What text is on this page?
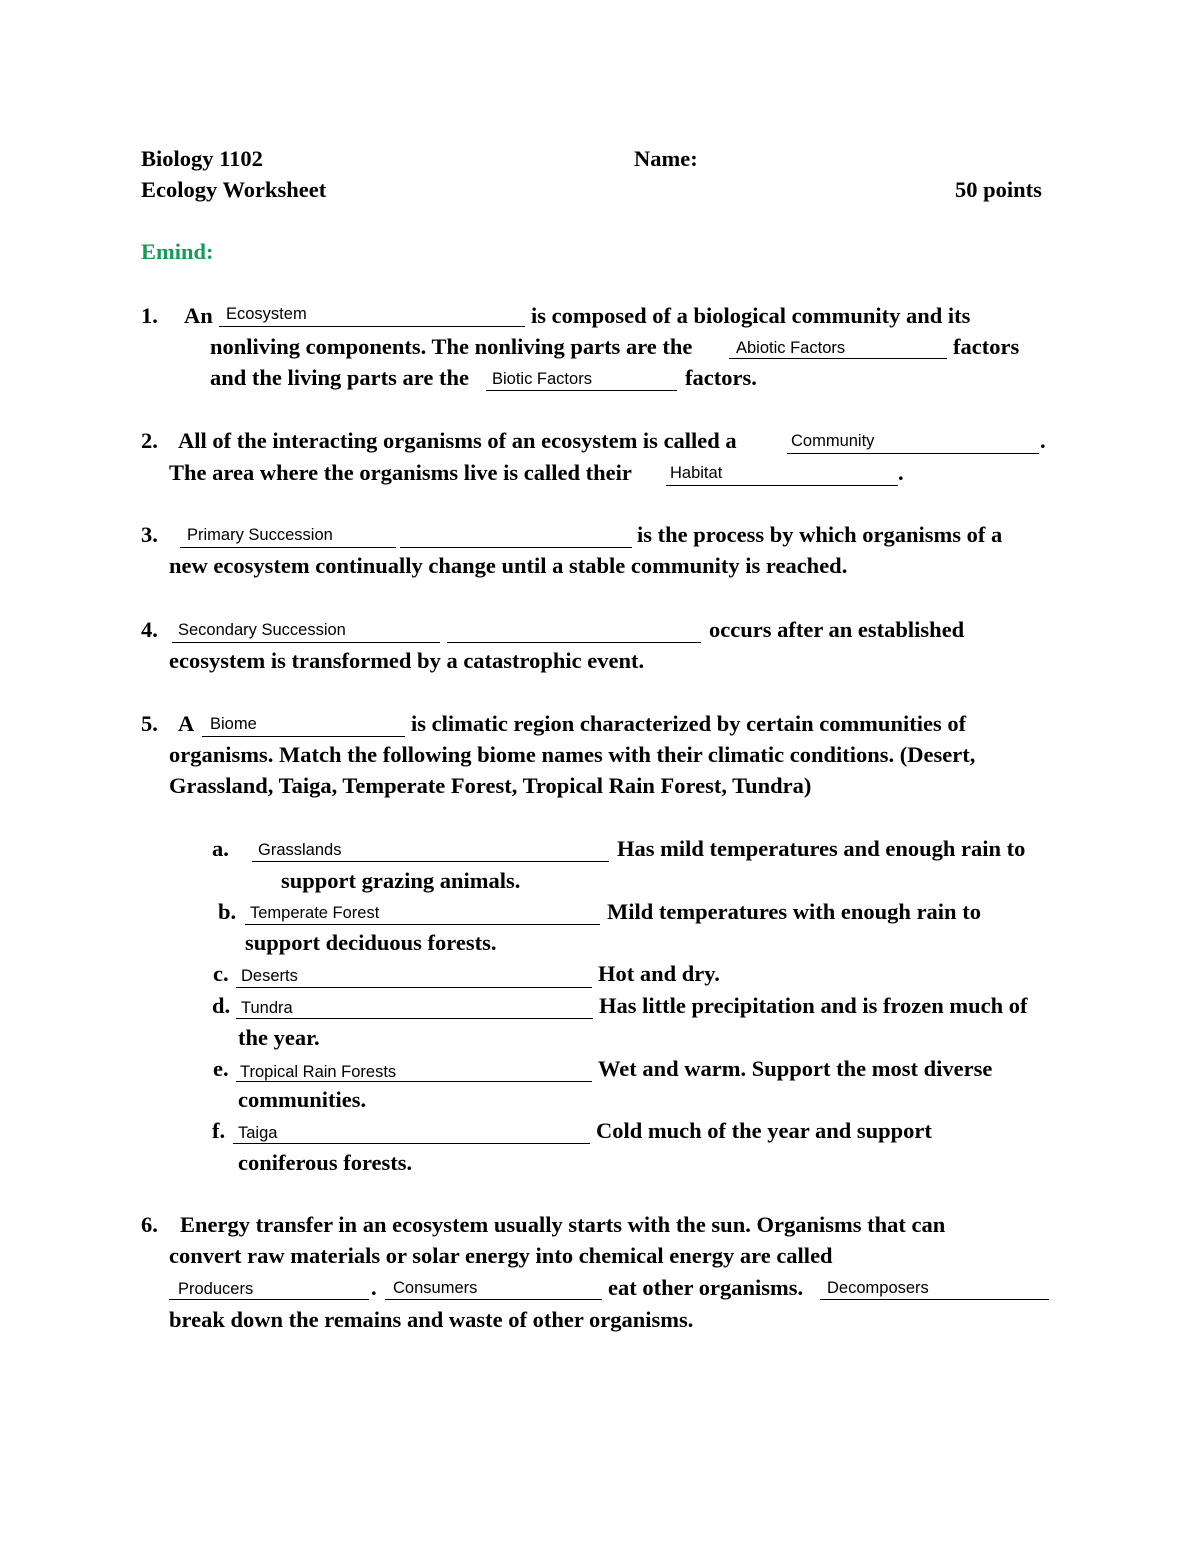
Biology 1102	Name:
Ecology Worksheet	50 points
Emind:
1. An Ecosystem	is composed of a biological community and its
nonliving components. The nonliving parts are the	Abiotic Factors	factors
and the living parts are the Biotic Factors	factors.
2. All of the interacting organisms of an ecosystem is called a	Community	.
The area where the organisms live is called their Habitat	.
3. Primary Succession	is the process by which organisms of a
new ecosystem continually change until a stable community is reached.
4. Secondary Succession	occurs after an established
ecosystem is transformed by a catastrophic event.
5. A Biome	is climatic region characterized by certain communities of
organisms. Match the following biome names with their climatic conditions. (Desert,
Grassland, Taiga, Temperate Forest, Tropical Rain Forest, Tundra)
a. Grasslands	Has mild temperatures and enough rain to
support grazing animals.
b. Temperate Forest	Mild temperatures with enough rain to
support deciduous forests.
c. Deserts	Hot and dry.
d. Tundra	Has little precipitation and is frozen much of
the year.
e. Tropical Rain Forests	Wet and warm. Support the most diverse
communities.
f. Taiga	Cold much of the year and support
coniferous forests.
6. Energy transfer in an ecosystem usually starts with the sun. Organisms that can
convert raw materials or solar energy into chemical energy are called
Producers	. Consumers	eat other organisms. Decomposers
break down the remains and waste of other organisms.
